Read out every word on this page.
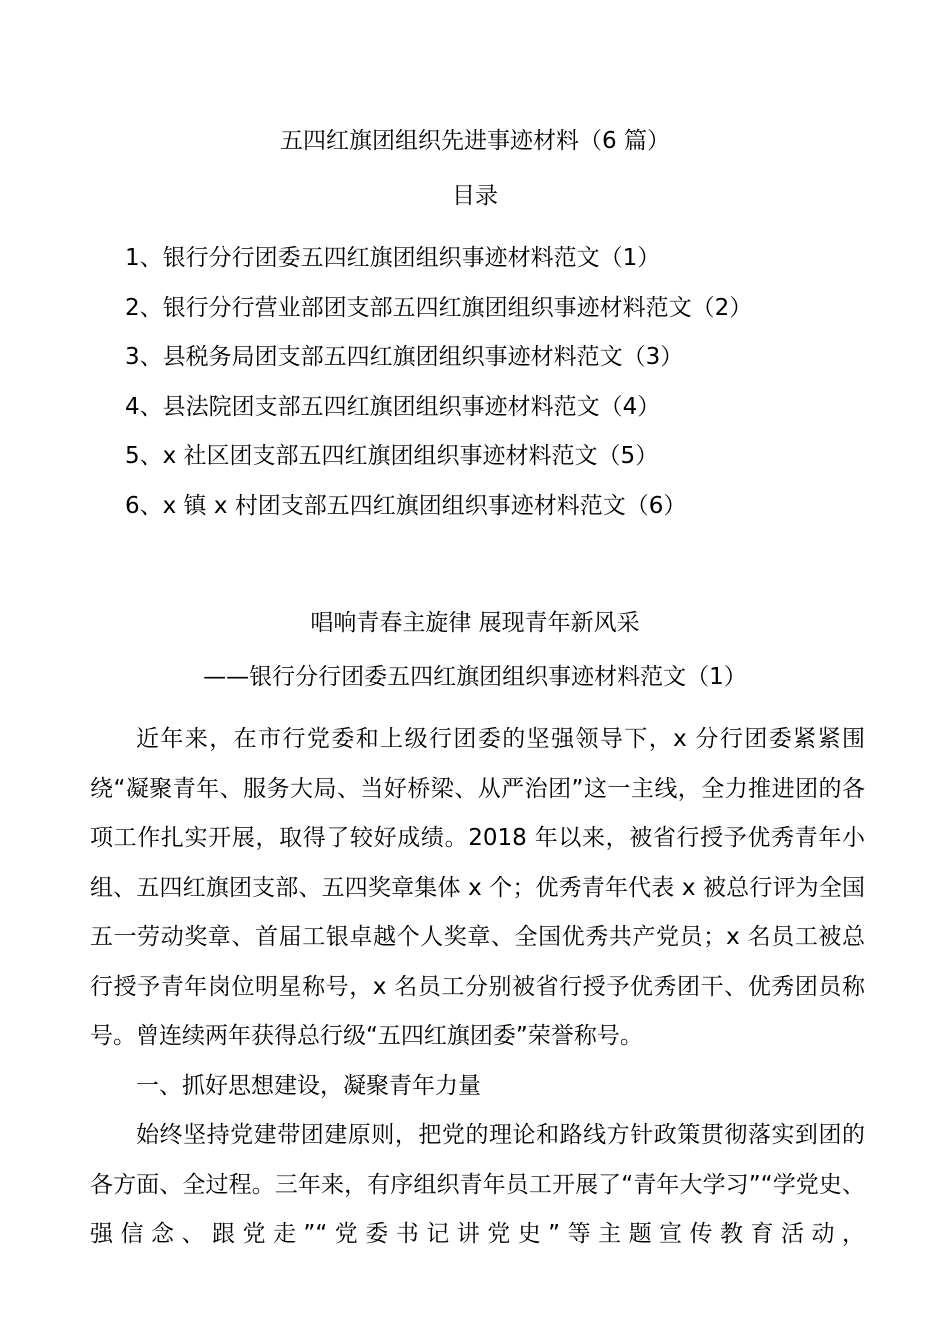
五四红旗团组织先进事迹材料（6 篇）
目录
1、银行分行团委五四红旗团组织事迹材料范文（1）
2、银行分行营业部团支部五四红旗团组织事迹材料范文（2）
3、县税务局团支部五四红旗团组织事迹材料范文（3）
4、县法院团支部五四红旗团组织事迹材料范文（4）
5、x 社区团支部五四红旗团组织事迹材料范文（5）
6、x 镇 x 村团支部五四红旗团组织事迹材料范文（6）
唱响青春主旋律 展现青年新风采
——银行分行团委五四红旗团组织事迹材料范文（1）

近年来，在市行党委和上级行团委的坚强领导下，x 分行团委紧紧围绕“凝聚青年、服务大局、当好桥梁、从严治团”这一主线，全力推进团的各项工作扎实开展，取得了较好成绩。2018 年以来，被省行授予优秀青年小组、五四红旗团支部、五四奖章集体 x 个；优秀青年代表 x 被总行评为全国五一劳动奖章、首届工银卓越个人奖章、全国优秀共产党员；x 名员工被总行授予青年岗位明星称号，x 名员工分别被省行授予优秀团干、优秀团员称号。曾连续两年获得总行级“五四红旗团委”荣誉称号。

一、抓好思想建设，凝聚青年力量

始终坚持党建带团建原则，把党的理论和路线方针政策贯彻落实到团的各方面、全过程。三年来，有序组织青年员工开展了“青年大学习”“学党史、强信念、跟党走”“党委书记讲党史”等主题宣传教育活动，
